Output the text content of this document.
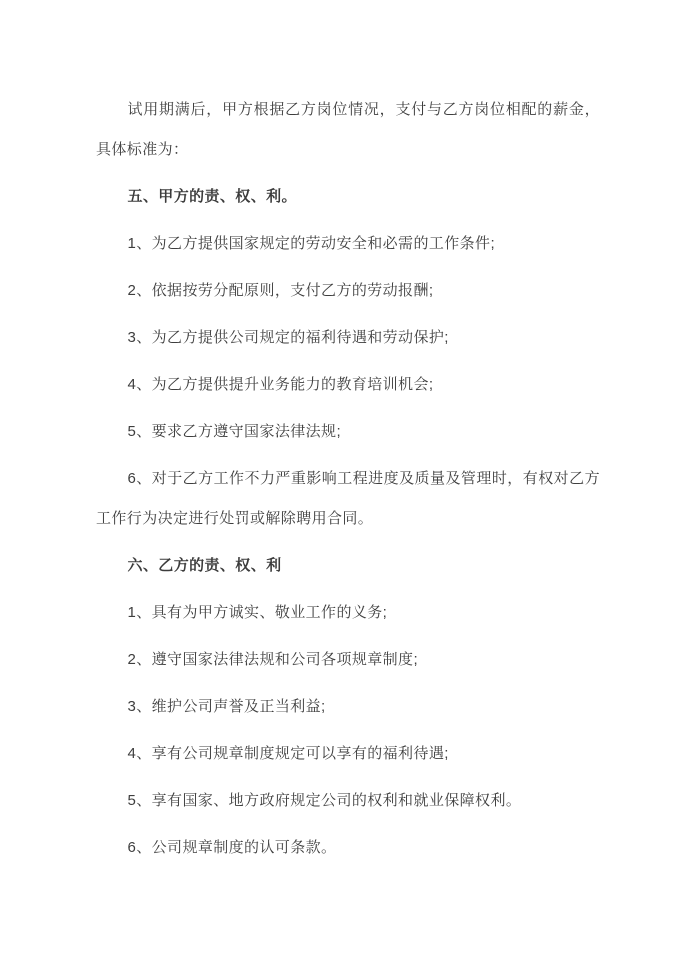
试用期满后，甲方根据乙方岗位情况，支付与乙方岗位相配的薪金，具体标准为：

五、甲方的责、权、利。

1、为乙方提供国家规定的劳动安全和必需的工作条件;

2、依据按劳分配原则，支付乙方的劳动报酬;

3、为乙方提供公司规定的福利待遇和劳动保护;

4、为乙方提供提升业务能力的教育培训机会;

5、要求乙方遵守国家法律法规;

6、对于乙方工作不力严重影响工程进度及质量及管理时，有权对乙方工作行为决定进行处罚或解除聘用合同。

六、乙方的责、权、利

1、具有为甲方诚实、敬业工作的义务;

2、遵守国家法律法规和公司各项规章制度;

3、维护公司声誉及正当利益;

4、享有公司规章制度规定可以享有的福利待遇;

5、享有国家、地方政府规定公司的权利和就业保障权利。

6、公司规章制度的认可条款。
